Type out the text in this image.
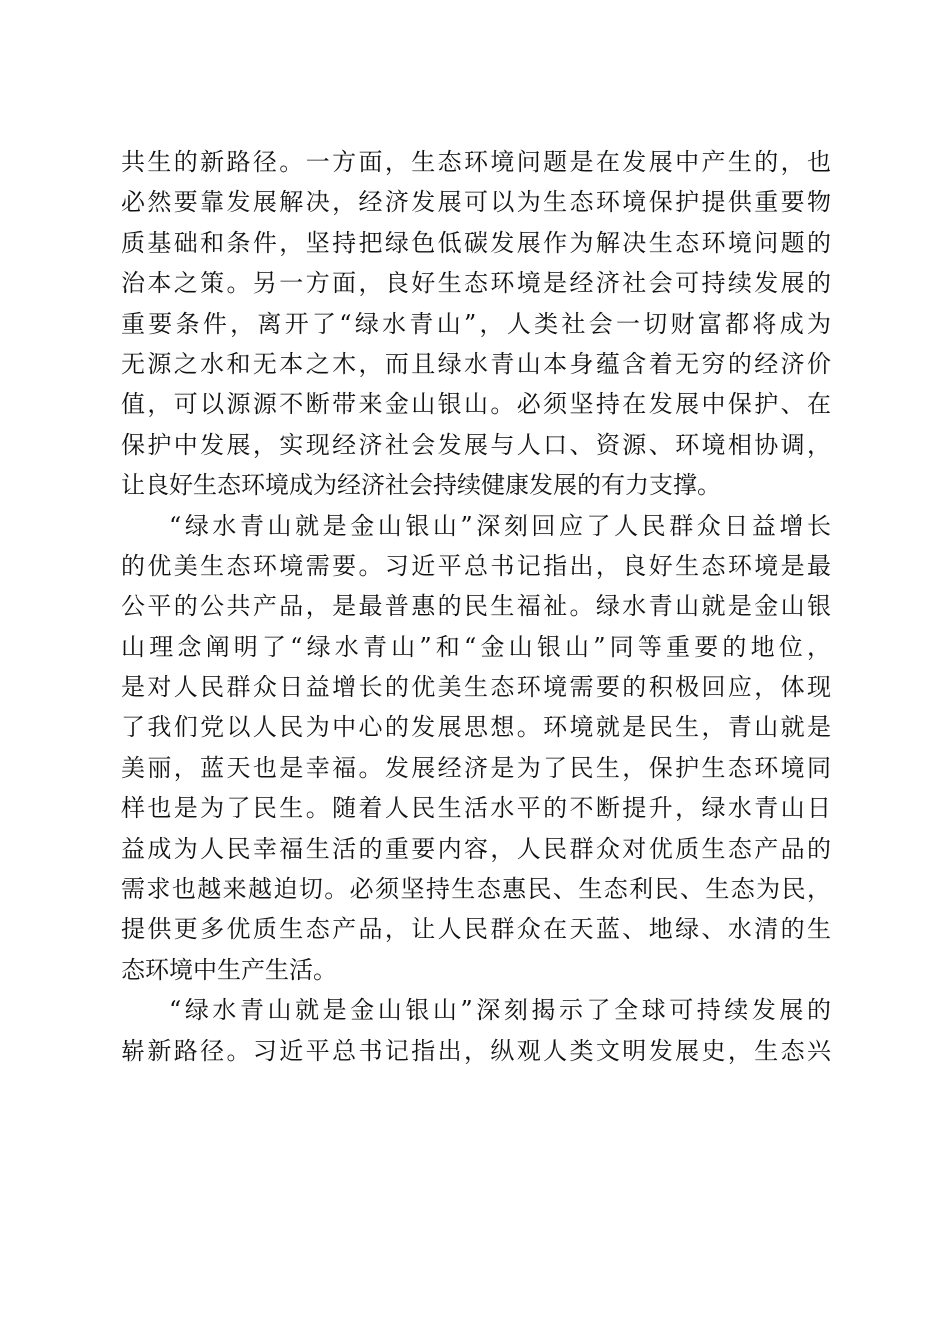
共生的新路径。一方面，生态环境问题是在发展中产生的，也
必然要靠发展解决，经济发展可以为生态环境保护提供重要物
质基础和条件，坚持把绿色低碳发展作为解决生态环境问题的
治本之策。另一方面，良好生态环境是经济社会可持续发展的
重要条件，离开了“绿水青山”，人类社会一切财富都将成为
无源之水和无本之木，而且绿水青山本身蕴含着无穷的经济价
值，可以源源不断带来金山银山。必须坚持在发展中保护、在
保护中发展，实现经济社会发展与人口、资源、环境相协调，
让良好生态环境成为经济社会持续健康发展的有力支撑。
“绿水青山就是金山银山”深刻回应了人民群众日益增长
的优美生态环境需要。习近平总书记指出，良好生态环境是最
公平的公共产品，是最普惠的民生福祉。绿水青山就是金山银
山理念阐明了“绿水青山”和“金山银山”同等重要的地位，
是对人民群众日益增长的优美生态环境需要的积极回应，体现
了我们党以人民为中心的发展思想。环境就是民生，青山就是
美丽，蓝天也是幸福。发展经济是为了民生，保护生态环境同
样也是为了民生。随着人民生活水平的不断提升，绿水青山日
益成为人民幸福生活的重要内容，人民群众对优质生态产品的
需求也越来越迫切。必须坚持生态惠民、生态利民、生态为民，
提供更多优质生态产品，让人民群众在天蓝、地绿、水清的生
态环境中生产生活。
“绿水青山就是金山银山”深刻揭示了全球可持续发展的
崭新路径。习近平总书记指出，纵观人类文明发展史，生态兴
